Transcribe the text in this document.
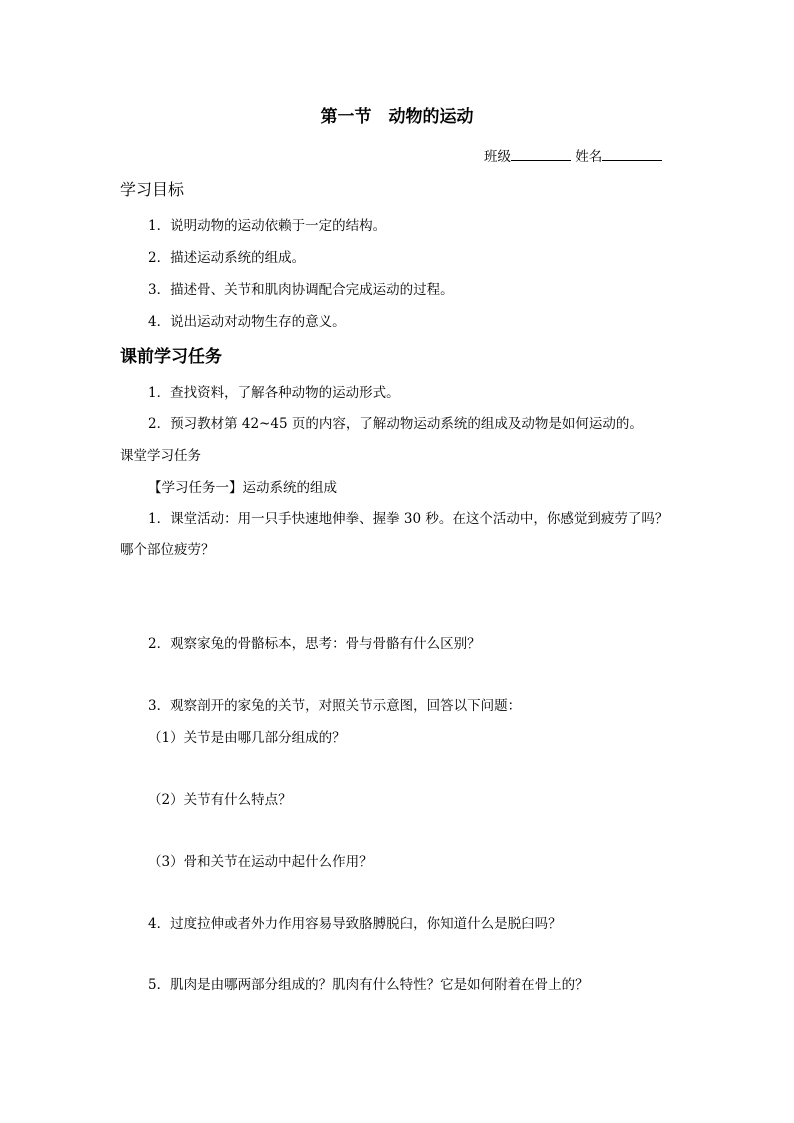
第一节　动物的运动
班级	姓名
学习目标
1．说明动物的运动依赖于一定的结构。
2．描述运动系统的组成。
3．描述骨、关节和肌肉协调配合完成运动的过程。
4．说出运动对动物生存的意义。
课前学习任务
1．查找资料，了解各种动物的运动形式。
2．预习教材第 42~45 页的内容，了解动物运动系统的组成及动物是如何运动的。
课堂学习任务
【学习任务一】运动系统的组成
1．课堂活动：用一只手快速地伸拳、握拳 30 秒。在这个活动中，你感觉到疲劳了吗？
哪个部位疲劳？
2．观察家兔的骨骼标本，思考：骨与骨骼有什么区别？
3．观察剖开的家兔的关节，对照关节示意图，回答以下问题：
（1）关节是由哪几部分组成的？
（2）关节有什么特点？
（3）骨和关节在运动中起什么作用？
4．过度拉伸或者外力作用容易导致胳膊脱臼，你知道什么是脱臼吗？
5．肌肉是由哪两部分组成的？肌肉有什么特性？它是如何附着在骨上的？
